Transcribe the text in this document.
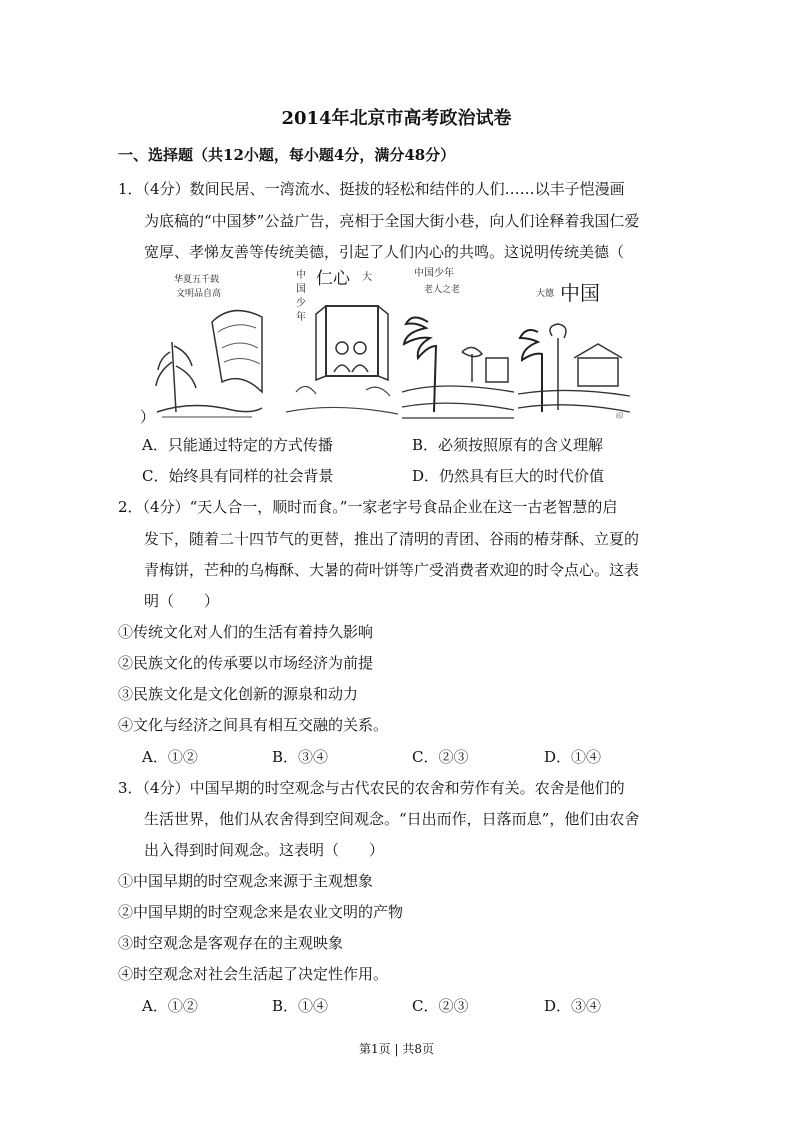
2014年北京市高考政治试卷
一、选择题（共12小题，每小题4分，满分48分）
1．（4分）数间民居、一湾流水、挺拔的轻松和结伴的人们……以丰子恺漫画
为底稿的“中国梦”公益广告，亮相于全国大街小巷，向人们诠释着我国仁爱
宽厚、孝悌友善等传统美德，引起了人们内心的共鸣。这说明传统美德（
华夏五千载
文明品自高
中
国
少
年
仁心 大	中国少年
老人之老	大德 中国
印
）
A．只能通过特定的方式传播	B．必须按照原有的含义理解
C．始终具有同样的社会背景	D．仍然具有巨大的时代价值
2．（4分）“天人合一，顺时而食。”一家老字号食品企业在这一古老智慧的启
发下，随着二十四节气的更替，推出了清明的青团、谷雨的椿芽酥、立夏的
青梅饼，芒种的乌梅酥、大暑的荷叶饼等广受消费者欢迎的时令点心。这表
明（　　）
①传统文化对人们的生活有着持久影响
②民族文化的传承要以市场经济为前提
③民族文化是文化创新的源泉和动力
④文化与经济之间具有相互交融的关系。
A．①②	B．③④	C．②③	D．①④
3．（4分）中国早期的时空观念与古代农民的农舍和劳作有关。农舍是他们的
生活世界，他们从农舍得到空间观念。“日出而作，日落而息”，他们由农舍
出入得到时间观念。这表明（　　）
①中国早期的时空观念来源于主观想象
②中国早期的时空观念来是农业文明的产物
③时空观念是客观存在的主观映象
④时空观念对社会生活起了决定性作用。
A．①②	B．①④	C．②③	D．③④
第1页 | 共8页
